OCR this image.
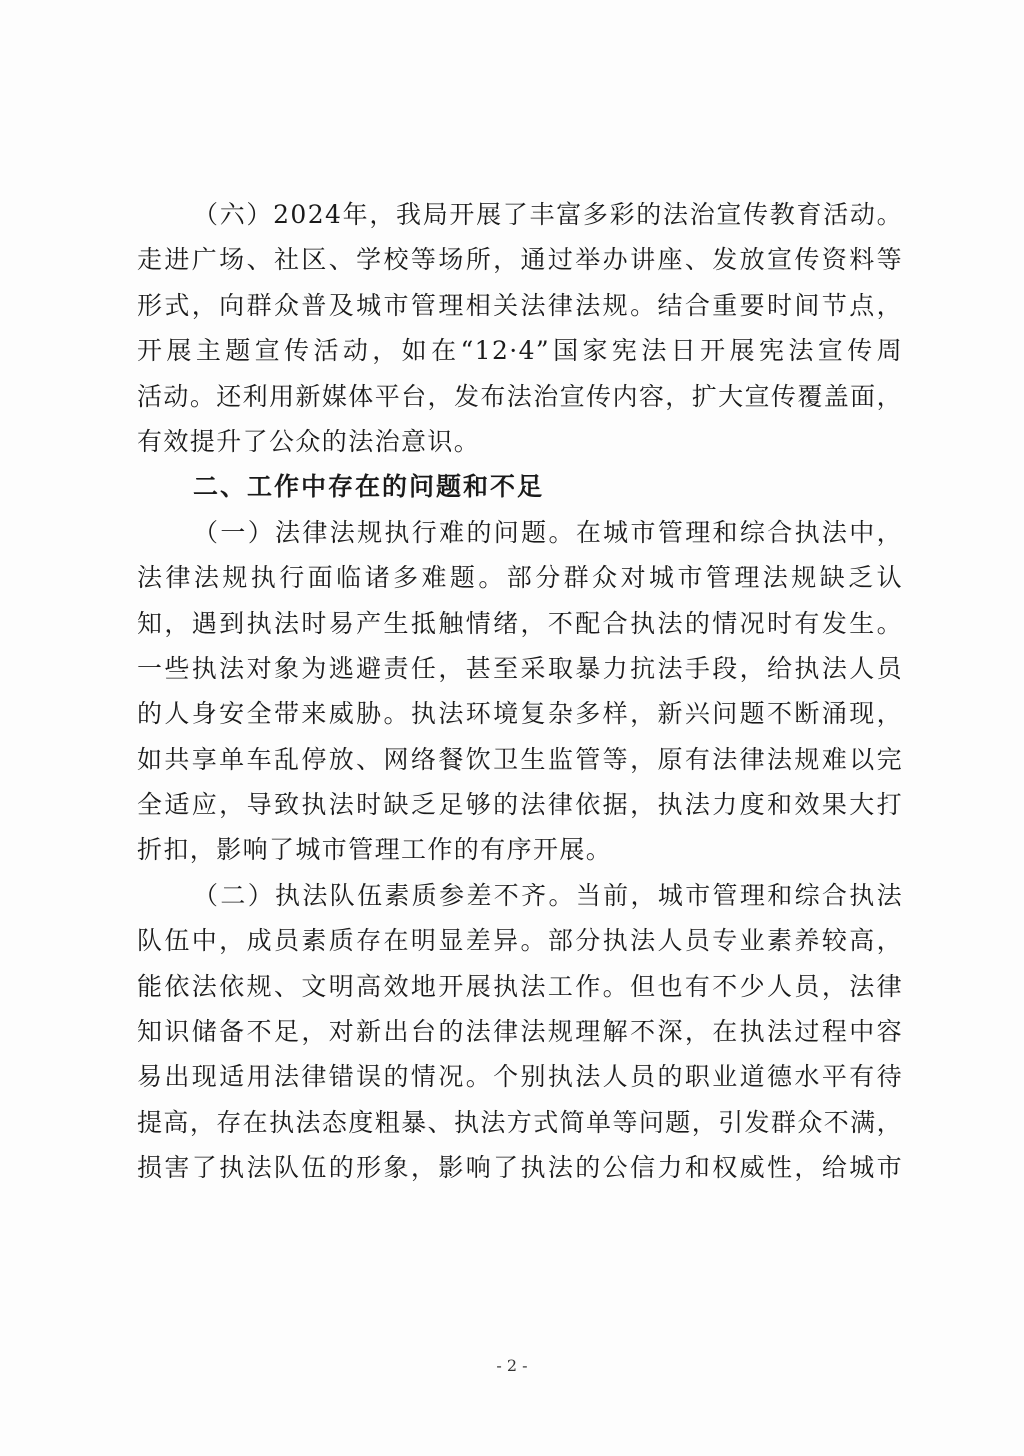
（六）2024年，我局开展了丰富多彩的法治宣传教育活动。
走进广场、社区、学校等场所，通过举办讲座、发放宣传资料等
形式，向群众普及城市管理相关法律法规。结合重要时间节点，
开展主题宣传活动，如在“12·4”国家宪法日开展宪法宣传周
活动。还利用新媒体平台，发布法治宣传内容，扩大宣传覆盖面，
有效提升了公众的法治意识。
二、工作中存在的问题和不足
（一）法律法规执行难的问题。在城市管理和综合执法中，
法律法规执行面临诸多难题。部分群众对城市管理法规缺乏认
知，遇到执法时易产生抵触情绪，不配合执法的情况时有发生。
一些执法对象为逃避责任，甚至采取暴力抗法手段，给执法人员
的人身安全带来威胁。执法环境复杂多样，新兴问题不断涌现，
如共享单车乱停放、网络餐饮卫生监管等，原有法律法规难以完
全适应，导致执法时缺乏足够的法律依据，执法力度和效果大打
折扣，影响了城市管理工作的有序开展。
（二）执法队伍素质参差不齐。当前，城市管理和综合执法
队伍中，成员素质存在明显差异。部分执法人员专业素养较高，
能依法依规、文明高效地开展执法工作。但也有不少人员，法律
知识储备不足，对新出台的法律法规理解不深，在执法过程中容
易出现适用法律错误的情况。个别执法人员的职业道德水平有待
提高，存在执法态度粗暴、执法方式简单等问题，引发群众不满，
损害了执法队伍的形象，影响了执法的公信力和权威性，给城市
- 2 -
